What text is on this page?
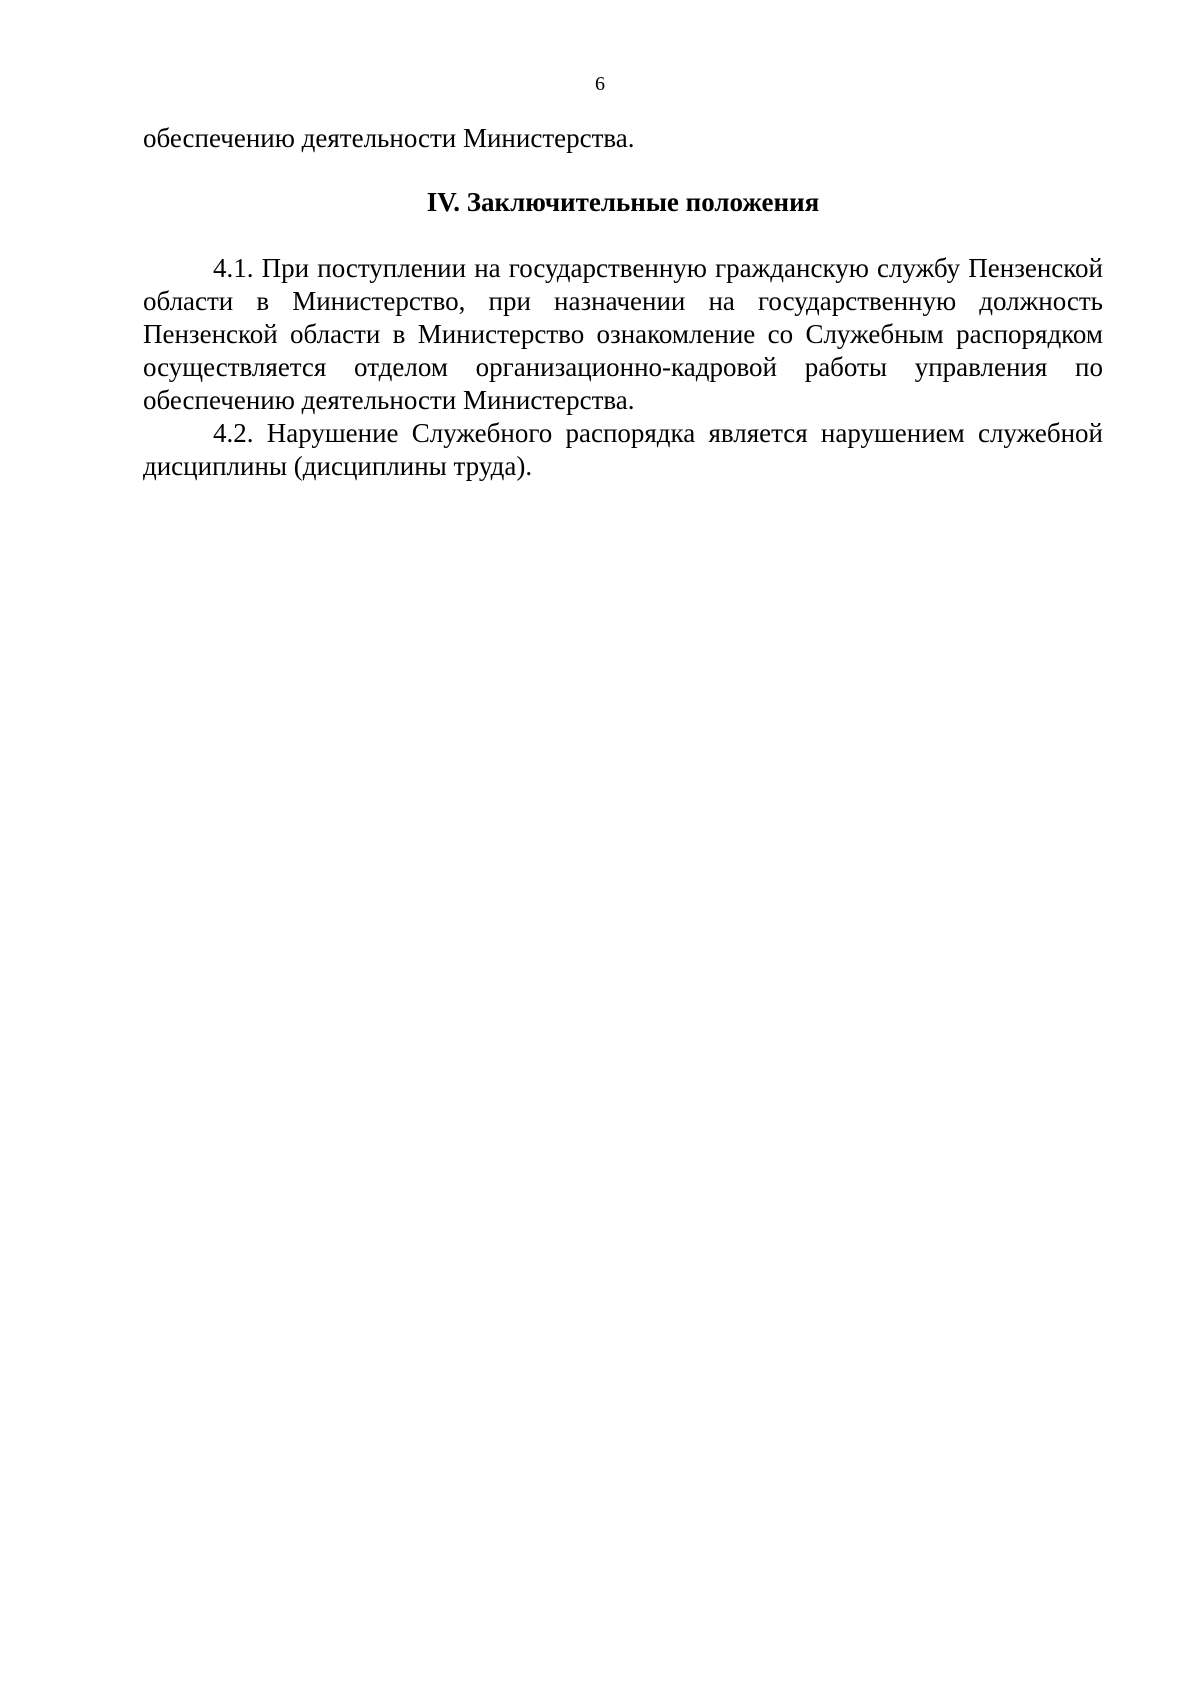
6

обеспечению деятельности Министерства.

IV. Заключительные положения

4.1. При поступлении на государственную гражданскую службу Пензенской области в Министерство, при назначении на государственную должность Пензенской области в Министерство ознакомление со Служебным распорядком осуществляется отделом организационно-кадровой работы управления по обеспечению деятельности Министерства.

4.2. Нарушение Служебного распорядка является нарушением служебной дисциплины (дисциплины труда).
